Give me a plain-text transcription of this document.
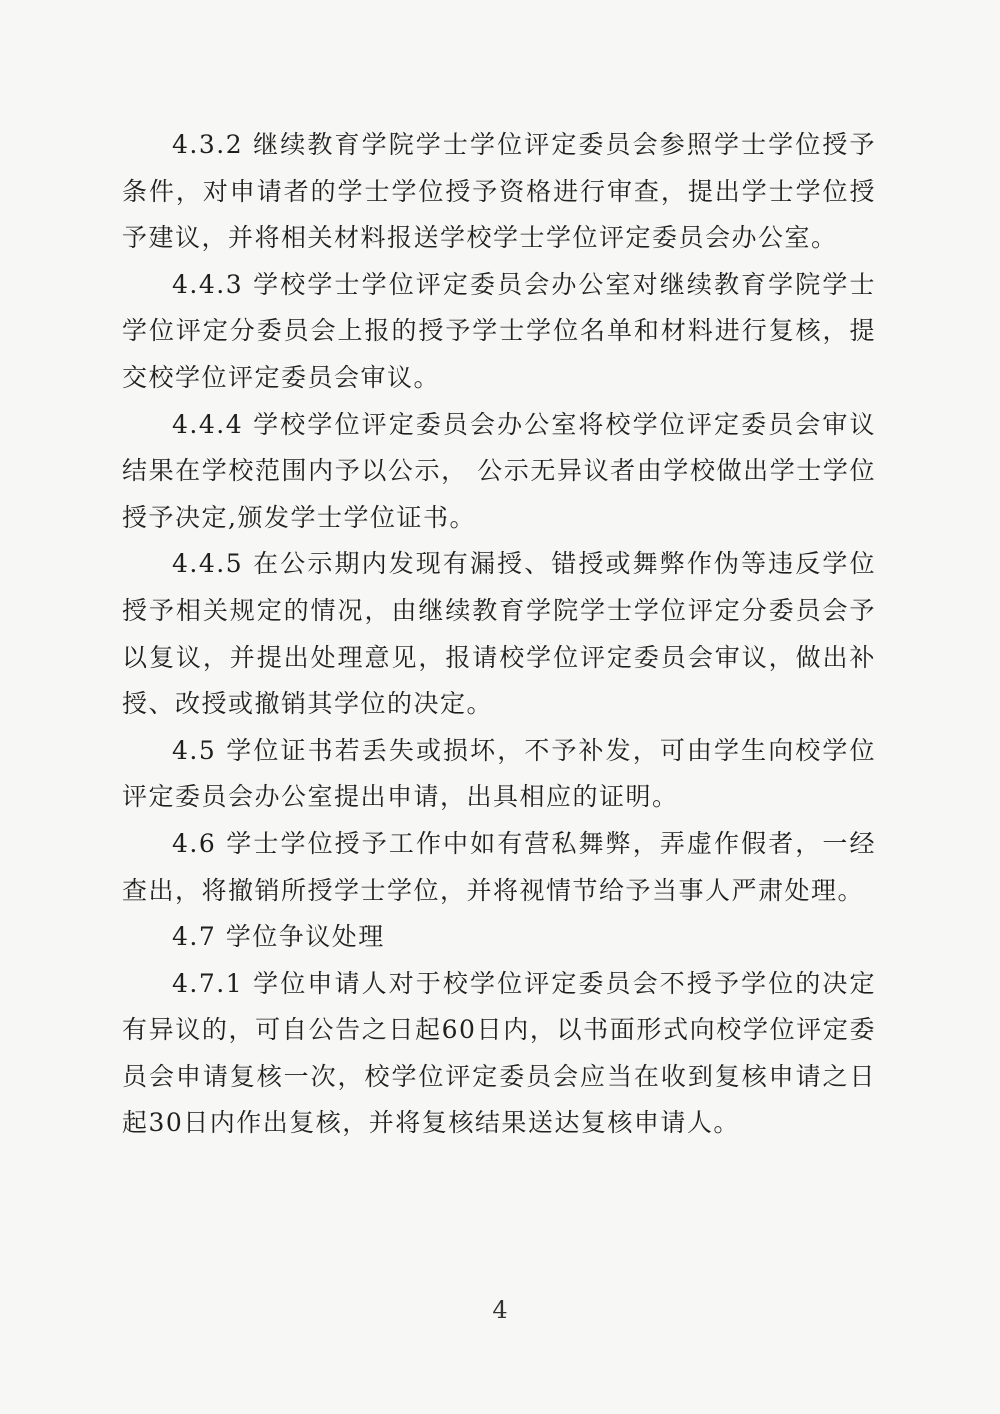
4.3.2 继续教育学院学士学位评定委员会参照学士学位授予条件，对申请者的学士学位授予资格进行审查，提出学士学位授予建议，并将相关材料报送学校学士学位评定委员会办公室。

4.4.3 学校学士学位评定委员会办公室对继续教育学院学士学位评定分委员会上报的授予学士学位名单和材料进行复核，提交校学位评定委员会审议。

4.4.4 学校学位评定委员会办公室将校学位评定委员会审议结果在学校范围内予以公示， 公示无异议者由学校做出学士学位授予决定,颁发学士学位证书。

4.4.5 在公示期内发现有漏授、错授或舞弊作伪等违反学位授予相关规定的情况，由继续教育学院学士学位评定分委员会予以复议，并提出处理意见，报请校学位评定委员会审议，做出补授、改授或撤销其学位的决定。

4.5 学位证书若丢失或损坏，不予补发，可由学生向校学位评定委员会办公室提出申请，出具相应的证明。

4.6 学士学位授予工作中如有营私舞弊，弄虚作假者，一经查出，将撤销所授学士学位，并将视情节给予当事人严肃处理。

4.7 学位争议处理

4.7.1 学位申请人对于校学位评定委员会不授予学位的决定有异议的，可自公告之日起60日内，以书面形式向校学位评定委员会申请复核一次，校学位评定委员会应当在收到复核申请之日起30日内作出复核，并将复核结果送达复核申请人。

4
